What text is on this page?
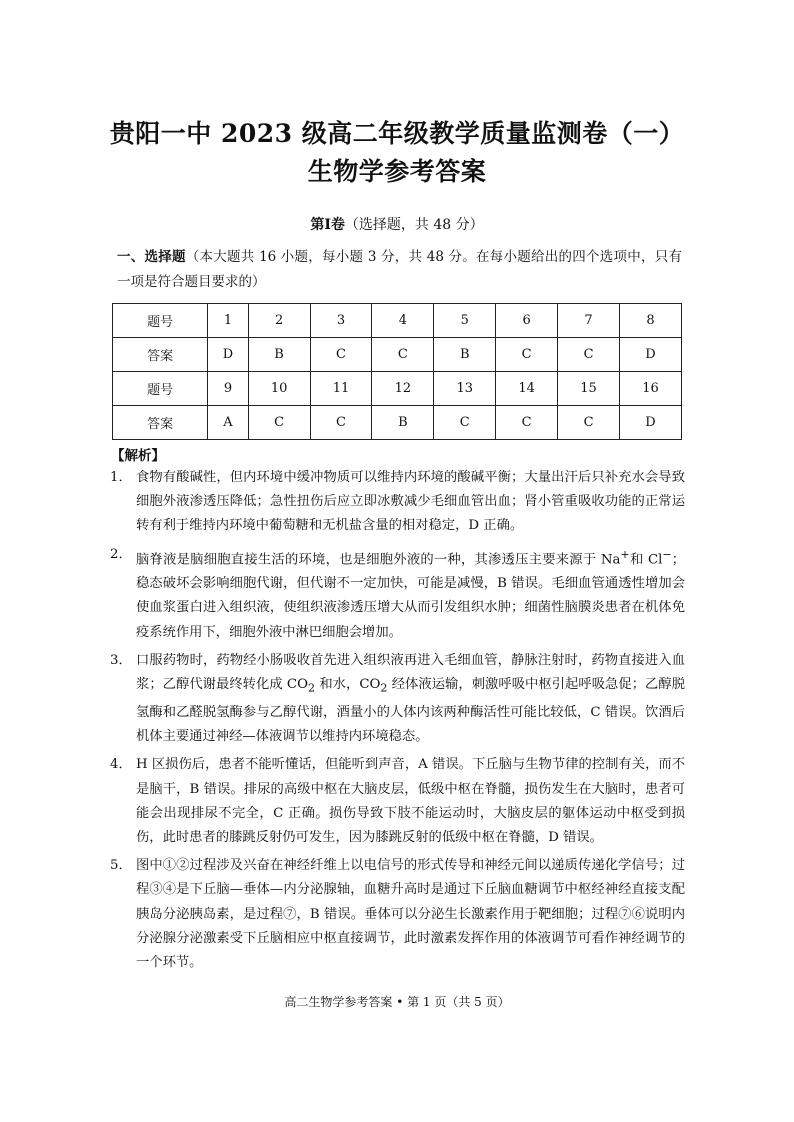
贵阳一中 2023 级高二年级教学质量监测卷（一）
生物学参考答案
第Ⅰ卷（选择题，共 48 分）
一、选择题（本大题共 16 小题，每小题 3 分，共 48 分。在每小题给出的四个选项中，只有一项是符合题目要求的）
题号	1	2	3	4	5	6	7	8
答案	D	B	C	C	B	C	C	D
题号	9	10	11	12	13	14	15	16
答案	A	C	C	B	C	C	C	D
【解析】
1． 食物有酸碱性，但内环境中缓冲物质可以维持内环境的酸碱平衡；大量出汗后只补充水会导致细胞外液渗透压降低；急性扭伤后应立即冰敷减少毛细血管出血；肾小管重吸收功能的正常运转有利于维持内环境中葡萄糖和无机盐含量的相对稳定，D 正确。
2． 脑脊液是脑细胞直接生活的环境，也是细胞外液的一种，其渗透压主要来源于 Na+和 Cl−；稳态破坏会影响细胞代谢，但代谢不一定加快，可能是减慢，B 错误。毛细血管通透性增加会使血浆蛋白进入组织液，使组织液渗透压增大从而引发组织水肿；细菌性脑膜炎患者在机体免疫系统作用下，细胞外液中淋巴细胞会增加。
3． 口服药物时，药物经小肠吸收首先进入组织液再进入毛细血管，静脉注射时，药物直接进入血浆；乙醇代谢最终转化成 $CO_2$ 和水，$CO_2$ 经体液运输，刺激呼吸中枢引起呼吸急促；乙醇脱氢酶和乙醛脱氢酶参与乙醇代谢，酒量小的人体内该两种酶活性可能比较低，C 错误。饮酒后机体主要通过神经—体液调节以维持内环境稳态。
4． H 区损伤后，患者不能听懂话，但能听到声音，A 错误。下丘脑与生物节律的控制有关，而不是脑干，B 错误。排尿的高级中枢在大脑皮层，低级中枢在脊髓，损伤发生在大脑时，患者可能会出现排尿不完全，C 正确。损伤导致下肢不能运动时，大脑皮层的躯体运动中枢受到损伤，此时患者的膝跳反射仍可发生，因为膝跳反射的低级中枢在脊髓，D 错误。
5． 图中①②过程涉及兴奋在神经纤维上以电信号的形式传导和神经元间以递质传递化学信号；过程③④是下丘脑—垂体—内分泌腺轴，血糖升高时是通过下丘脑血糖调节中枢经神经直接支配胰岛分泌胰岛素，是过程⑦，B 错误。垂体可以分泌生长激素作用于靶细胞；过程⑦⑥说明内分泌腺分泌激素受下丘脑相应中枢直接调节，此时激素发挥作用的体液调节可看作神经调节的一个环节。
高二生物学参考答案 • 第 1 页（共 5 页）
